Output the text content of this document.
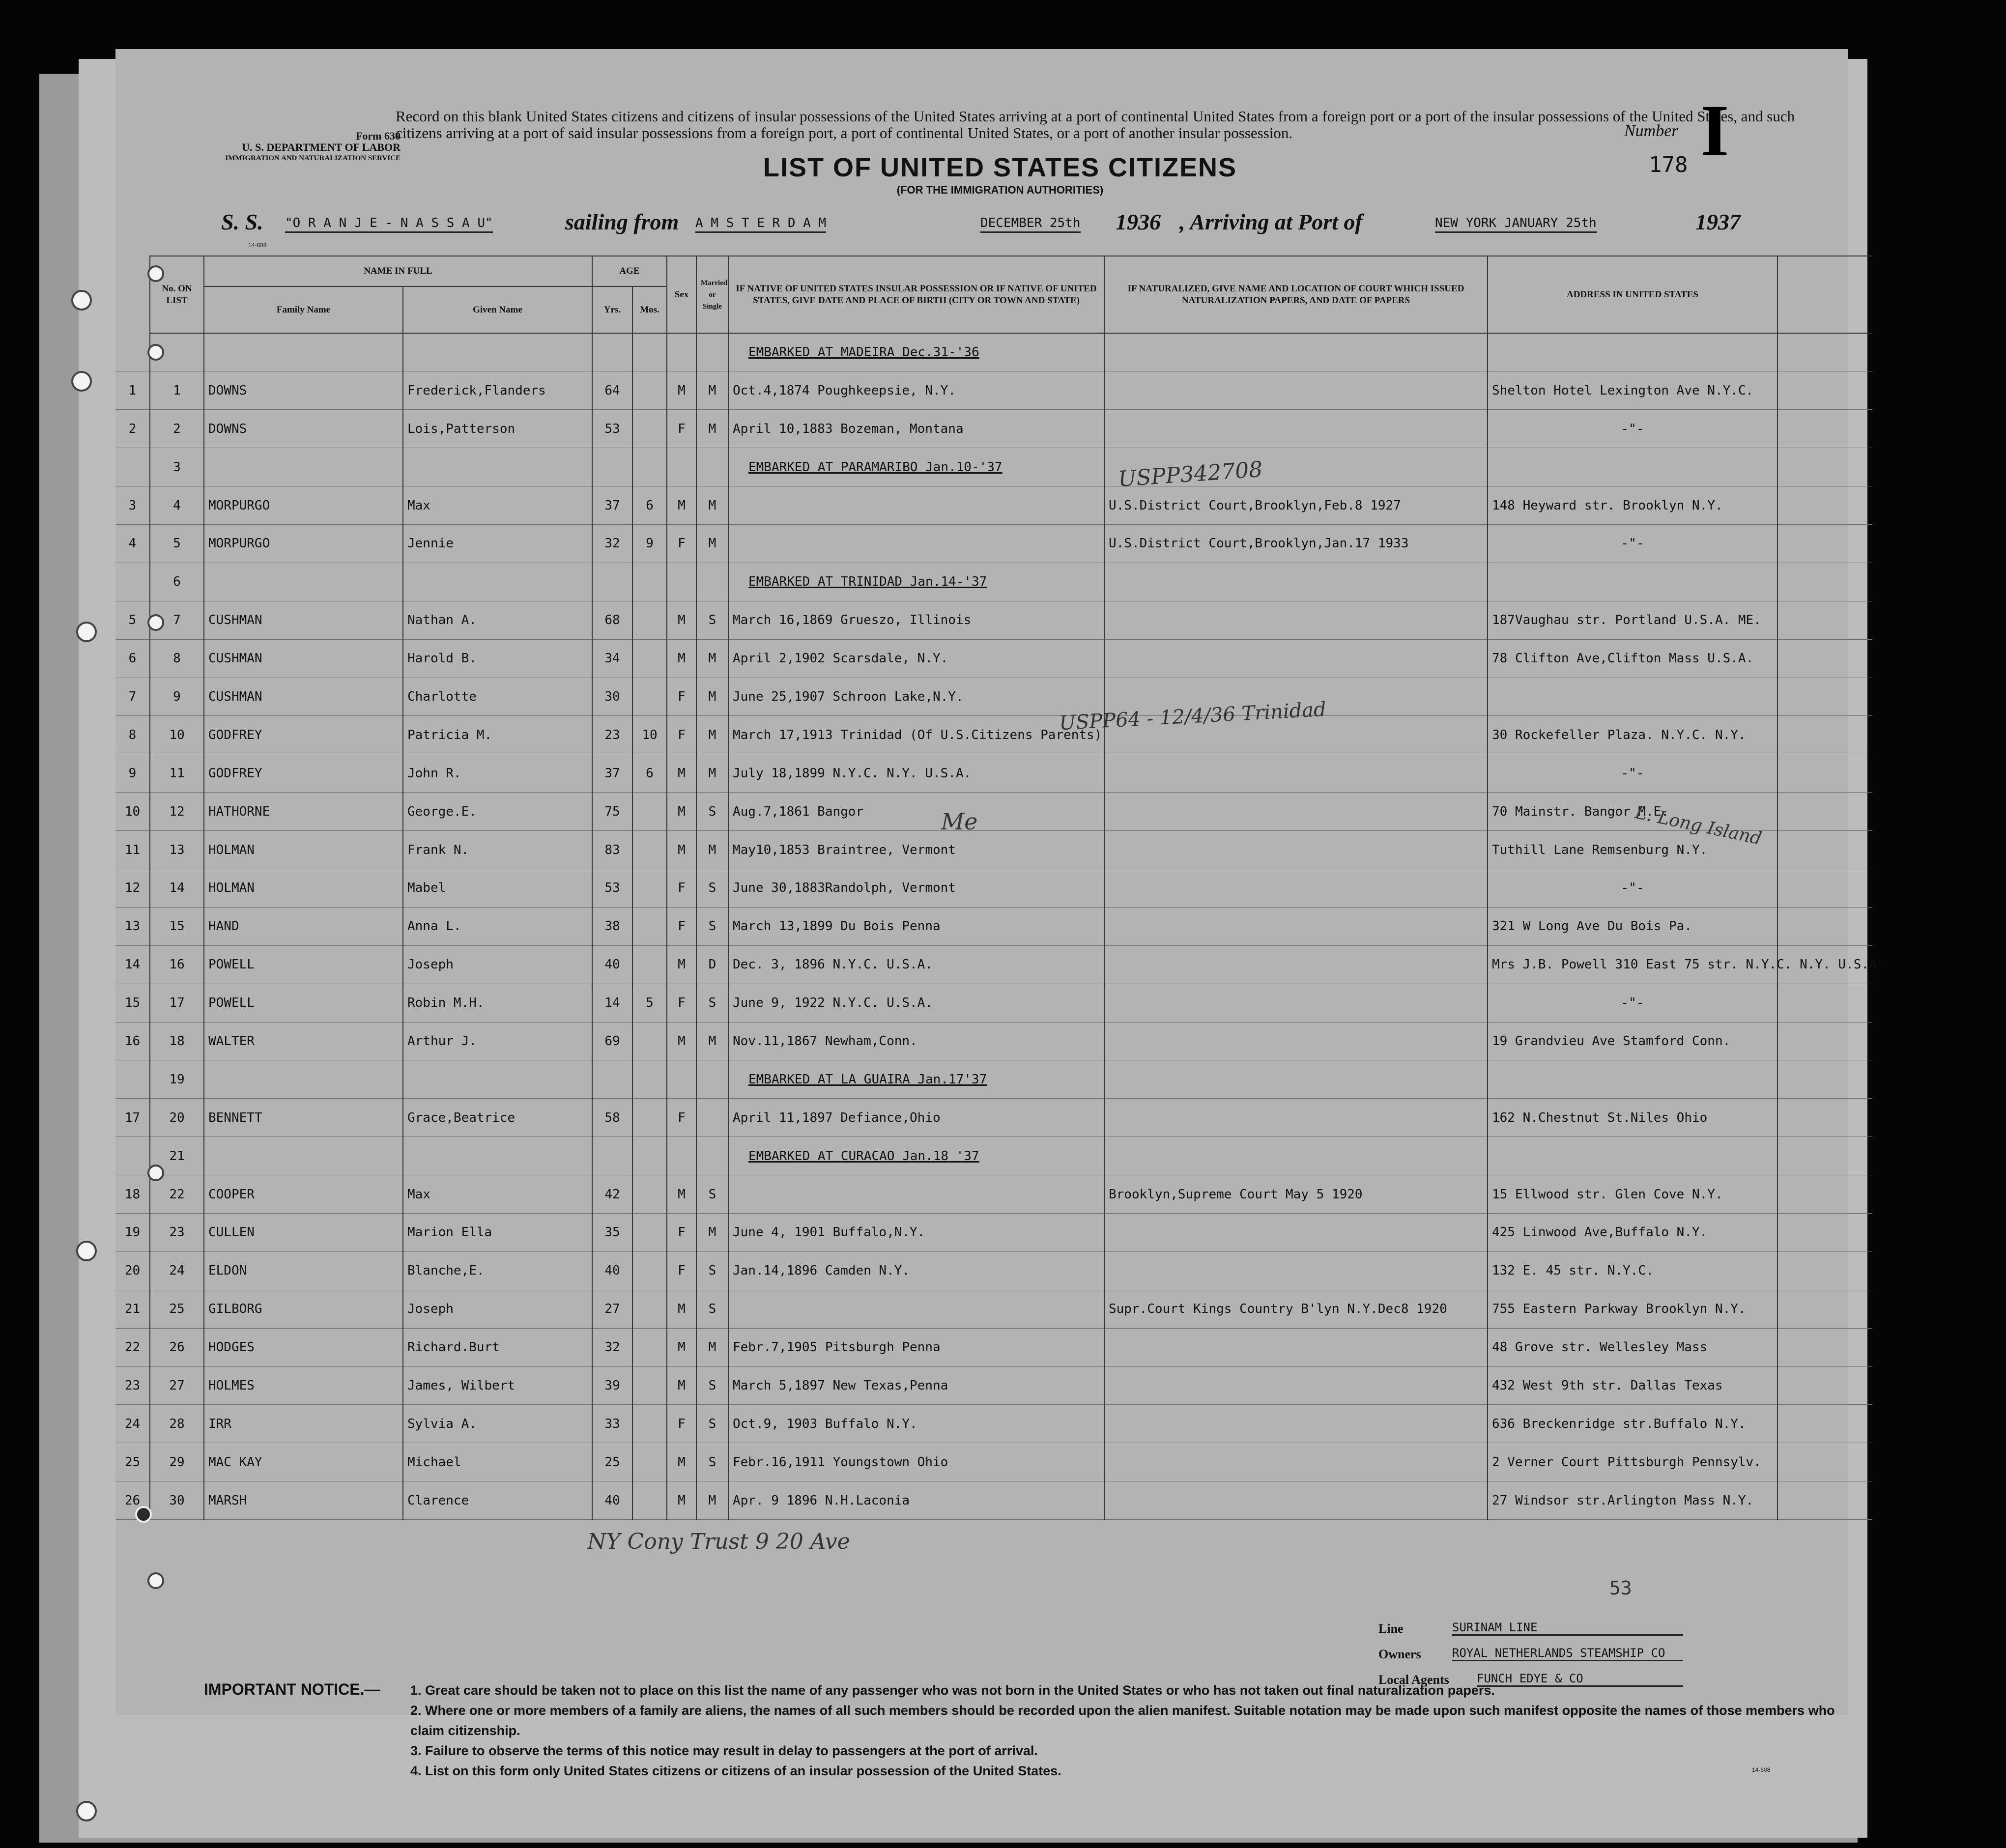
Form 630
U. S. DEPARTMENT OF LABOR
IMMIGRATION AND NATURALIZATION SERVICE
Record on this blank United States citizens and citizens of insular possessions of the United States arriving at a port of continental United States from a foreign port or a port of the insular possessions of the United States, and such citizens arriving at a port of said insular possessions from a foreign port, a port of continental United States, or a port of another insular possession.	Number I
178
LIST OF UNITED STATES CITIZENS
(FOR THE IMMIGRATION AUTHORITIES)
S. S. "O R A N J E - N A S S A U"	sailing from A M S T E R D A M	DECEMBER 25th 1936 , Arriving at Port of	NEW YORK JANUARY 25th	1937
14-608
	No. ON LIST	NAME IN FULL		AGE		Sex	Married or Single	IF NATIVE OF UNITED STATES INSULAR POSSESSION OR IF NATIVE OF UNITED STATES, GIVE DATE AND PLACE OF BIRTH (CITY OR TOWN AND STATE)	IF NATURALIZED, GIVE NAME AND LOCATION OF COURT WHICH ISSUED NATURALIZATION PAPERS, AND DATE OF PAPERS	ADDRESS IN UNITED STATES	
		Family Name	Given Name	Yrs.	Mos.						
								EMBARKED AT MADEIRA Dec.31-'36			
1	1	DOWNS	Frederick,Flanders	64		M	M	Oct.4,1874 Poughkeepsie, N.Y.		Shelton Hotel Lexington Ave N.Y.C.	
2	2	DOWNS	Lois,Patterson	53		F	M	April 10,1883 Bozeman, Montana		-"-	
	3							EMBARKED AT PARAMARIBO Jan.10-'37			
3	4	MORPURGO	Max	37	6	M	M		U.S.District Court,Brooklyn,Feb.8 1927	148 Heyward str. Brooklyn N.Y.	
4	5	MORPURGO	Jennie	32	9	F	M		U.S.District Court,Brooklyn,Jan.17 1933	-"-	
	6							EMBARKED AT TRINIDAD Jan.14-'37			
5	7	CUSHMAN	Nathan A.	68		M	S	March 16,1869 Grueszo, Illinois		187Vaughau str. Portland U.S.A. ME.	
6	8	CUSHMAN	Harold B.	34		M	M	April 2,1902 Scarsdale, N.Y.		78 Clifton Ave,Clifton Mass U.S.A.	
7	9	CUSHMAN	Charlotte	30		F	M	June 25,1907 Schroon Lake,N.Y.			
8	10	GODFREY	Patricia M.	23	10	F	M	March 17,1913 Trinidad (Of U.S.Citizens Parents)		30 Rockefeller Plaza. N.Y.C. N.Y.	
9	11	GODFREY	John R.	37	6	M	M	July 18,1899 N.Y.C. N.Y. U.S.A.		-"-	
10	12	HATHORNE	George.E.	75		M	S	Aug.7,1861 Bangor		70 Mainstr. Bangor M.E.	
11	13	HOLMAN	Frank N.	83		M	M	May10,1853 Braintree, Vermont		Tuthill Lane Remsenburg N.Y.	
12	14	HOLMAN	Mabel	53		F	S	June 30,1883Randolph, Vermont		-"-	
13	15	HAND	Anna L.	38		F	S	March 13,1899 Du Bois Penna		321 W Long Ave Du Bois Pa.	
14	16	POWELL	Joseph	40		M	D	Dec. 3, 1896 N.Y.C. U.S.A.		Mrs J.B. Powell 310 East 75 str. N.Y.C. N.Y. U.S.A.	
15	17	POWELL	Robin M.H.	14	5	F	S	June 9, 1922 N.Y.C. U.S.A.		-"-	
16	18	WALTER	Arthur J.	69		M	M	Nov.11,1867 Newham,Conn.		19 Grandvieu Ave Stamford Conn.	
	19							EMBARKED AT LA GUAIRA Jan.17'37			
17	20	BENNETT	Grace,Beatrice	58		F		April 11,1897 Defiance,Ohio		162 N.Chestnut St.Niles Ohio	
	21							EMBARKED AT CURACAO Jan.18 '37			
18	22	COOPER	Max	42		M	S		Brooklyn,Supreme Court May 5 1920	15 Ellwood str. Glen Cove N.Y.	
19	23	CULLEN	Marion Ella	35		F	M	June 4, 1901 Buffalo,N.Y.		425 Linwood Ave,Buffalo N.Y.	
20	24	ELDON	Blanche,E.	40		F	S	Jan.14,1896 Camden N.Y.		132 E. 45 str. N.Y.C.	
21	25	GILBORG	Joseph	27		M	S		Supr.Court Kings Country B'lyn N.Y.Dec8 1920	755 Eastern Parkway Brooklyn N.Y.	
22	26	HODGES	Richard.Burt	32		M	M	Febr.7,1905 Pitsburgh Penna		48 Grove str. Wellesley Mass	
23	27	HOLMES	James, Wilbert	39		M	S	March 5,1897 New Texas,Penna		432 West 9th str. Dallas Texas	
24	28	IRR	Sylvia A.	33		F	S	Oct.9, 1903 Buffalo N.Y.		636 Breckenridge str.Buffalo N.Y.	
25	29	MAC KAY	Michael	25		M	S	Febr.16,1911 Youngstown Ohio		2 Verner Court Pittsburgh Pennsylv.	
26	30	MARSH	Clarence	40		M	M	Apr. 9 1896 N.H.Laconia		27 Windsor str.Arlington Mass N.Y.	
USPP342708
USPP64 - 12/4/36 Trinidad
Me	L. Long Island
NY Cony Trust 9 20 Ave
53
Line	SURINAM LINE
Owners	ROYAL NETHERLANDS STEAMSHIP CO
Local Agents FUNCH EDYE & CO
IMPORTANT NOTICE.— 1. Great care should be taken not to place on this list the name of any passenger who was not born in the United States or who has not taken out final naturalization papers.
2. Where one or more members of a family are aliens, the names of all such members should be recorded upon the alien manifest. Suitable notation may be made upon such manifest opposite the names of those members who claim citizenship.
3. Failure to observe the terms of this notice may result in delay to passengers at the port of arrival.
4. List on this form only United States citizens or citizens of an insular possession of the United States.	14-608
